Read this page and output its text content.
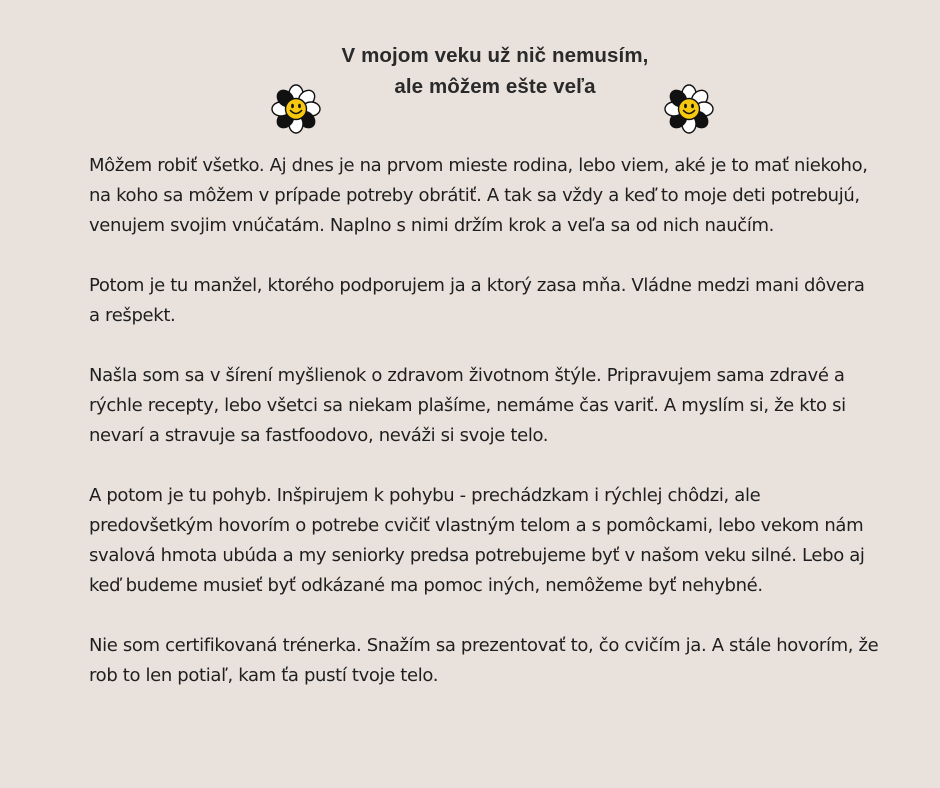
V mojom veku už nič nemusím,
ale môžem ešte veľa

Môžem robiť všetko. Aj dnes je na prvom mieste rodina, lebo viem, aké je to mať niekoho, na koho sa môžem v prípade potreby obrátiť. A tak sa vždy a keď to moje deti potrebujú, venujem svojim vnúčatám. Naplno s nimi držím krok a veľa sa od nich naučím.

Potom je tu manžel, ktorého podporujem ja a ktorý zasa mňa. Vládne medzi mani dôvera a rešpekt.

Našla som sa v šírení myšlienok o zdravom životnom štýle. Pripravujem sama zdravé a rýchle recepty, lebo všetci sa niekam plašíme, nemáme čas variť. A myslím si, že kto si nevarí a stravuje sa fastfoodovo, neváži si svoje telo.

A potom je tu pohyb. Inšpirujem k pohybu - prechádzkam i rýchlej chôdzi, ale predovšetkým hovorím o potrebe cvičiť vlastným telom a s pomôckami, lebo vekom nám svalová hmota ubúda a my seniorky predsa potrebujeme byť v našom veku silné. Lebo aj keď budeme musieť byť odkázané ma pomoc iných, nemôžeme byť nehybné.

Nie som certifikovaná trénerka. Snažím sa prezentovať to, čo cvičím ja. A stále hovorím, že rob to len potiaľ, kam ťa pustí tvoje telo.
